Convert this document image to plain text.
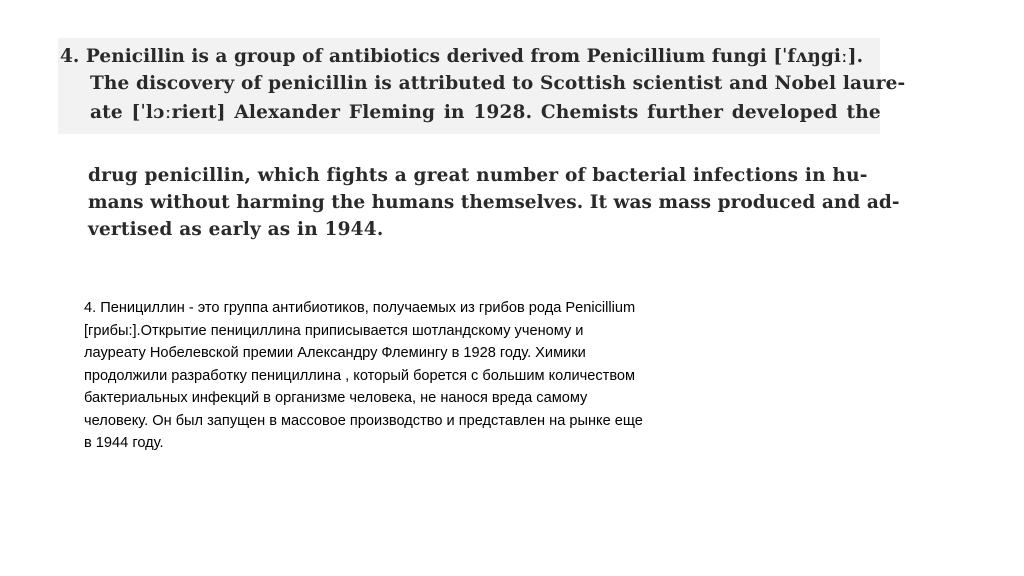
4. Penicillin is a group of antibiotics derived from Penicillium fungi [ˈfʌŋgiː].
The discovery of penicillin is attributed to Scottish scientist and Nobel laure-
ate [ˈlɔːrieɪt] Alexander Fleming in 1928. Chemists further developed the
drug penicillin, which fights a great number of bacterial infections in hu-
mans without harming the humans themselves. It was mass produced and ad-
vertised as early as in 1944.
4. Пенициллин - это группа антибиотиков, получаемых из грибов рода Penicillium
[грибы:].Открытие пенициллина приписывается шотландскому ученому и
лауреату Нобелевской премии Александру Флемингу в 1928 году. Химики
продолжили разработку пенициллина , который борется с большим количеством
бактериальных инфекций в организме человека, не нанося вреда самому
человеку. Он был запущен в массовое производство и представлен на рынке еще
в 1944 году.
